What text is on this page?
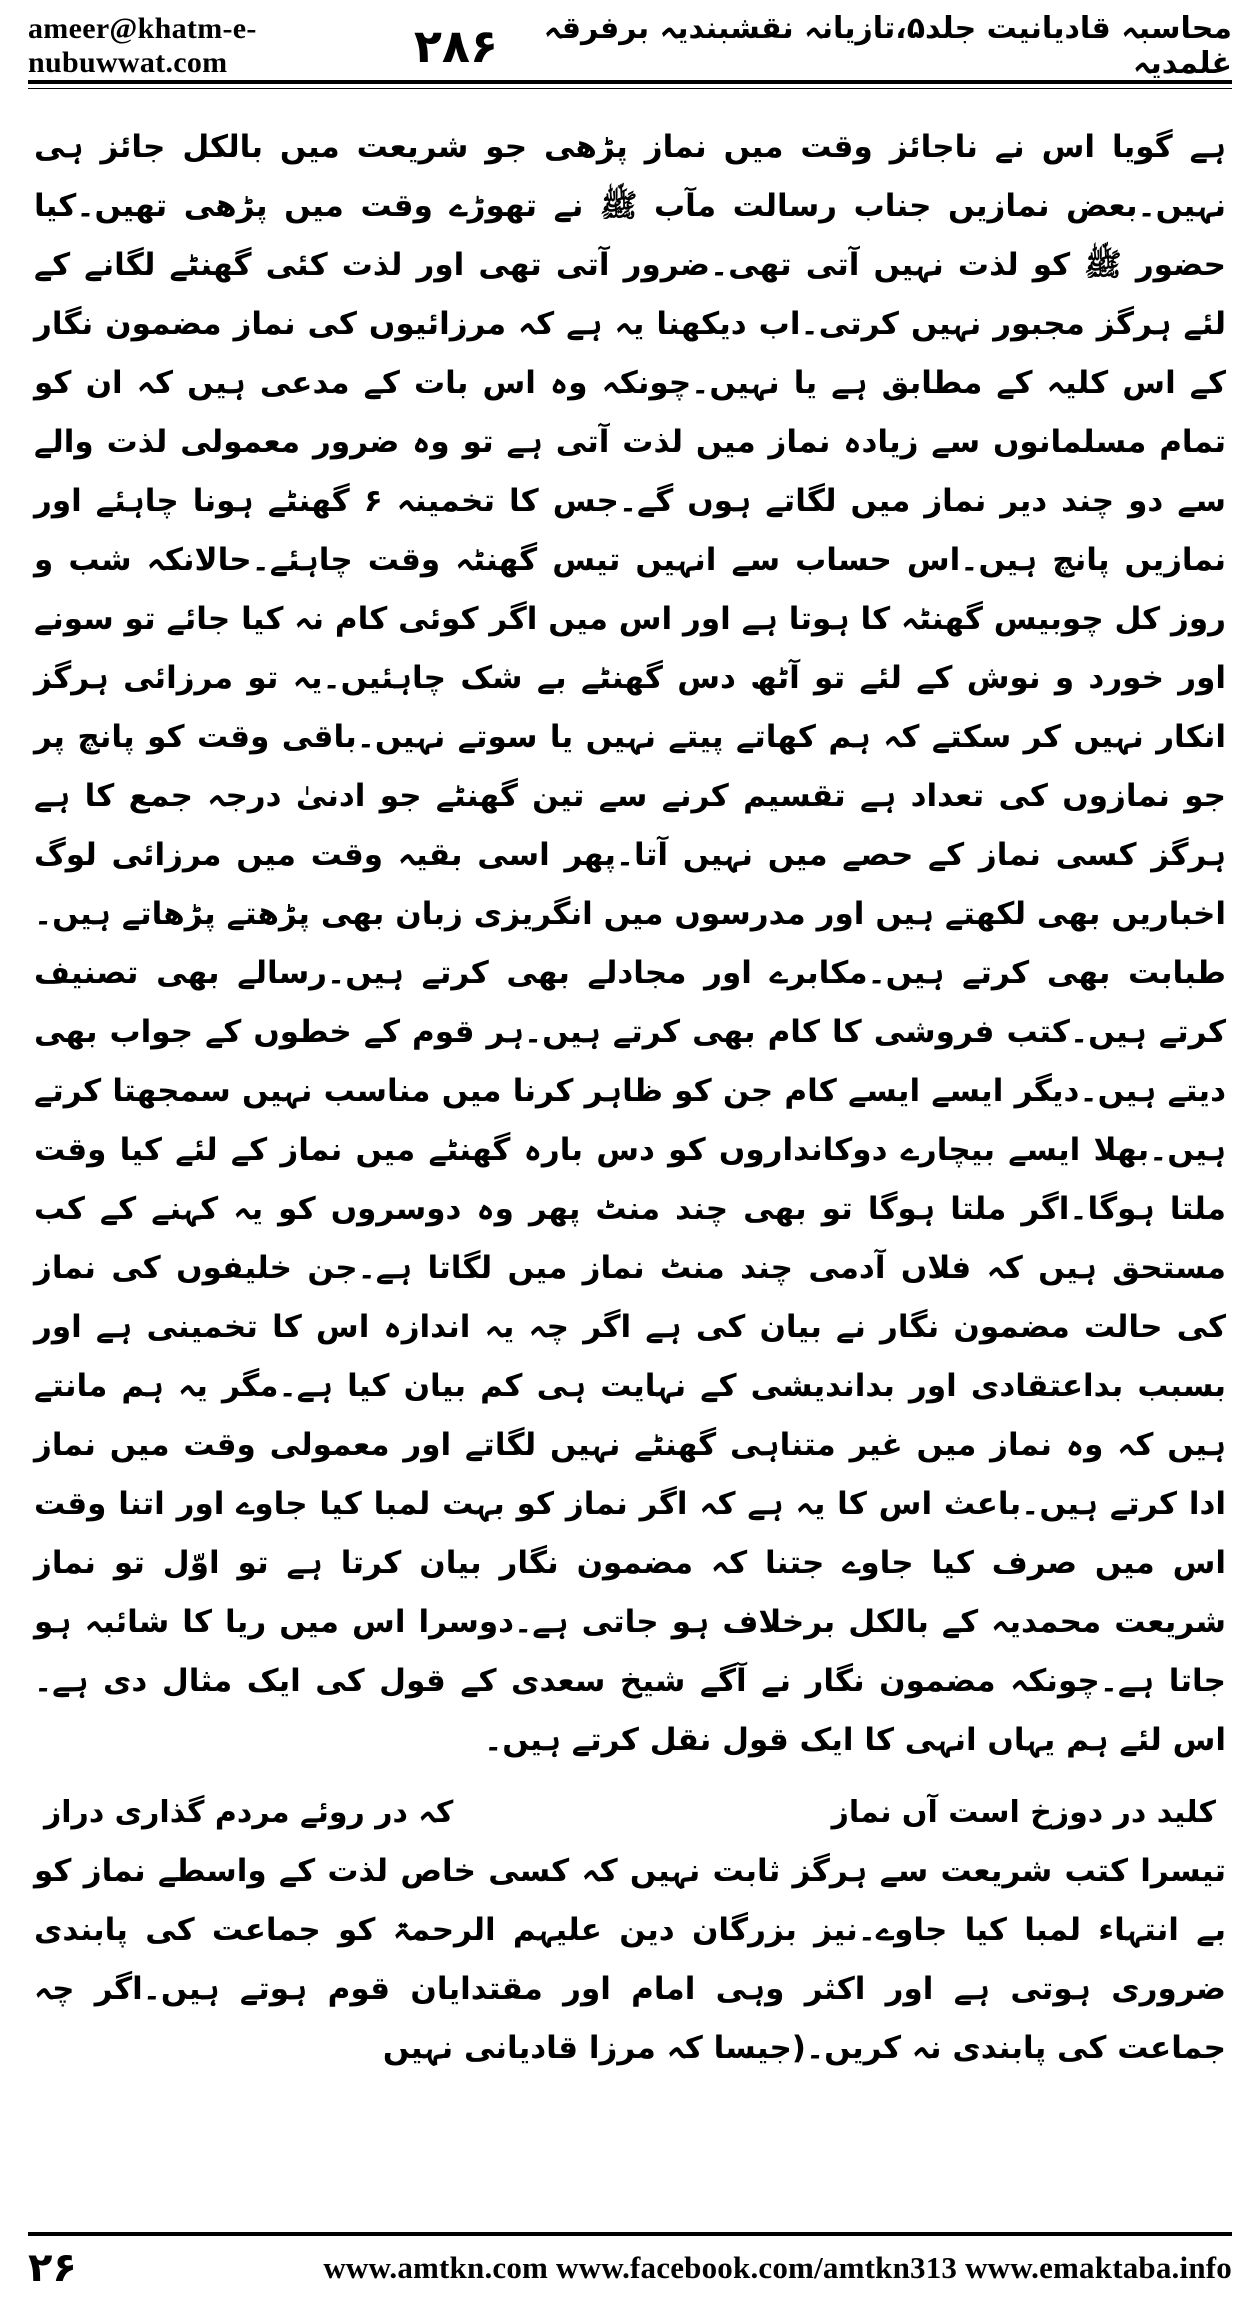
ameer@khatm-e-nubuwwat.com	۲۸۶	محاسبہ قادیانیت جلد۵،تازیانہ نقشبندیہ برفرقہ غلمدیہ

ہے گویا اس نے ناجائز وقت میں نماز پڑھی جو شریعت میں بالکل جائز ہی نہیں۔بعض نمازیں جناب رسالت مآب ﷺ نے تھوڑے وقت میں پڑھی تھیں۔کیا حضور ﷺ کو لذت نہیں آتی تھی۔ضرور آتی تھی اور لذت کئی گھنٹے لگانے کے لئے ہرگز مجبور نہیں کرتی۔اب دیکھنا یہ ہے کہ مرزائیوں کی نماز مضمون نگار کے اس کلیہ کے مطابق ہے یا نہیں۔چونکہ وہ اس بات کے مدعی ہیں کہ ان کو تمام مسلمانوں سے زیادہ نماز میں لذت آتی ہے تو وہ ضرور معمولی لذت والے سے دو چند دیر نماز میں لگاتے ہوں گے۔جس کا تخمینہ ۶ گھنٹے ہونا چاہئے اور نمازیں پانچ ہیں۔اس حساب سے انہیں تیس گھنٹہ وقت چاہئے۔حالانکہ شب و روز کل چوبیس گھنٹہ کا ہوتا ہے اور اس میں اگر کوئی کام نہ کیا جائے تو سونے اور خورد و نوش کے لئے تو آٹھ دس گھنٹے بے شک چاہئیں۔یہ تو مرزائی ہرگز انکار نہیں کر سکتے کہ ہم کھاتے پیتے نہیں یا سوتے نہیں۔باقی وقت کو پانچ پر جو نمازوں کی تعداد ہے تقسیم کرنے سے تین گھنٹے جو ادنیٰ درجہ جمع کا ہے ہرگز کسی نماز کے حصے میں نہیں آتا۔پھر اسی بقیہ وقت میں مرزائی لوگ اخباریں بھی لکھتے ہیں اور مدرسوں میں انگریزی زبان بھی پڑھتے پڑھاتے ہیں۔طبابت بھی کرتے ہیں۔مکابرے اور مجادلے بھی کرتے ہیں۔رسالے بھی تصنیف کرتے ہیں۔کتب فروشی کا کام بھی کرتے ہیں۔ہر قوم کے خطوں کے جواب بھی دیتے ہیں۔دیگر ایسے ایسے کام جن کو ظاہر کرنا میں مناسب نہیں سمجھتا کرتے ہیں۔بھلا ایسے بیچارے دوکانداروں کو دس بارہ گھنٹے میں نماز کے لئے کیا وقت ملتا ہوگا۔اگر ملتا ہوگا تو بھی چند منٹ پھر وہ دوسروں کو یہ کہنے کے کب مستحق ہیں کہ فلاں آدمی چند منٹ نماز میں لگاتا ہے۔جن خلیفوں کی نماز کی حالت مضمون نگار نے بیان کی ہے اگر چہ یہ اندازہ اس کا تخمینی ہے اور بسبب بداعتقادی اور بداندیشی کے نہایت ہی کم بیان کیا ہے۔مگر یہ ہم مانتے ہیں کہ وہ نماز میں غیر متناہی گھنٹے نہیں لگاتے اور معمولی وقت میں نماز ادا کرتے ہیں۔باعث اس کا یہ ہے کہ اگر نماز کو بہت لمبا کیا جاوے اور اتنا وقت اس میں صرف کیا جاوے جتنا کہ مضمون نگار بیان کرتا ہے تو اوّل تو نماز شریعت محمدیہ کے بالکل برخلاف ہو جاتی ہے۔دوسرا اس میں ریا کا شائبہ ہو جاتا ہے۔چونکہ مضمون نگار نے آگے شیخ سعدی کے قول کی ایک مثال دی ہے۔اس لئے ہم یہاں انہی کا ایک قول نقل کرتے ہیں۔

کلید در دوزخ است آں نماز
کہ در روئے مردم گذاری دراز

تیسرا کتب شریعت سے ہرگز ثابت نہیں کہ کسی خاص لذت کے واسطے نماز کو بے انتہاء لمبا کیا جاوے۔نیز بزرگان دین علیہم الرحمۃ کو جماعت کی پابندی ضروری ہوتی ہے اور اکثر وہی امام اور مقتدایان قوم ہوتے ہیں۔اگر چہ جماعت کی پابندی نہ کریں۔(جیسا کہ مرزا قادیانی نہیں

۲۶	www.amtkn.com www.facebook.com/amtkn313 www.emaktaba.info
